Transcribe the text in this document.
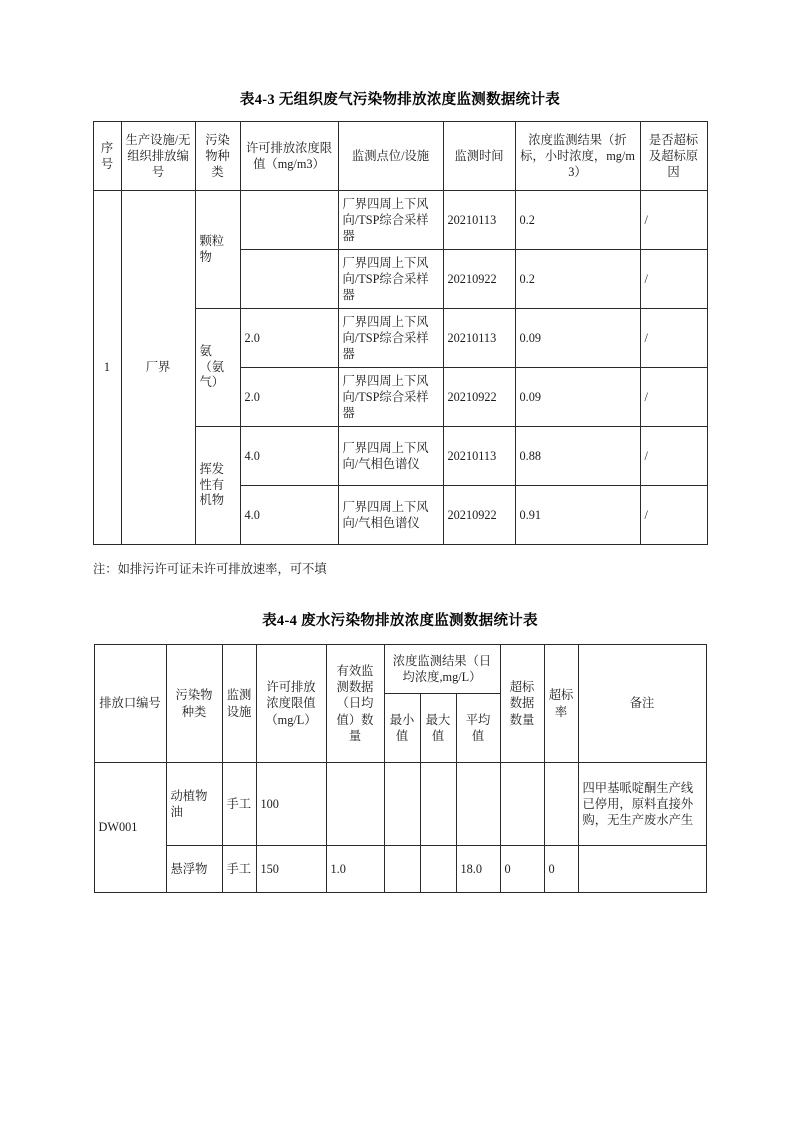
表4-3 无组织废气污染物排放浓度监测数据统计表
序号	生产设施/无组织排放编号	污染物种类	许可排放浓度限值（mg/m3）	监测点位/设施	监测时间	浓度监测结果（折标，小时浓度，mg/m3）	是否超标及超标原因
1	厂界	颗粒物		厂界四周上下风向/TSP综合采样器	20210113	0.2	/
				厂界四周上下风向/TSP综合采样器	20210922	0.2	/
		氨（氨气）	2.0	厂界四周上下风向/TSP综合采样器	20210113	0.09	/
			2.0	厂界四周上下风向/TSP综合采样器	20210922	0.09	/
		挥发性有机物	4.0	厂界四周上下风向/气相色谱仪	20210113	0.88	/
			4.0	厂界四周上下风向/气相色谱仪	20210922	0.91	/
注：如排污许可证未许可排放速率，可不填
表4-4 废水污染物排放浓度监测数据统计表
排放口编号	污染物种类	监测设施	许可排放浓度限值（mg/L）	有效监测数据（日均值）数量	浓度监测结果（日均浓度,mg/L）			超标数据数量	超标率	备注
					最小值	最大值	平均值			
DW001	动植物油	手工	100							四甲基哌啶酮生产线已停用，原料直接外购，无生产废水产生
	悬浮物	手工	150	1.0			18.0	0	0	
